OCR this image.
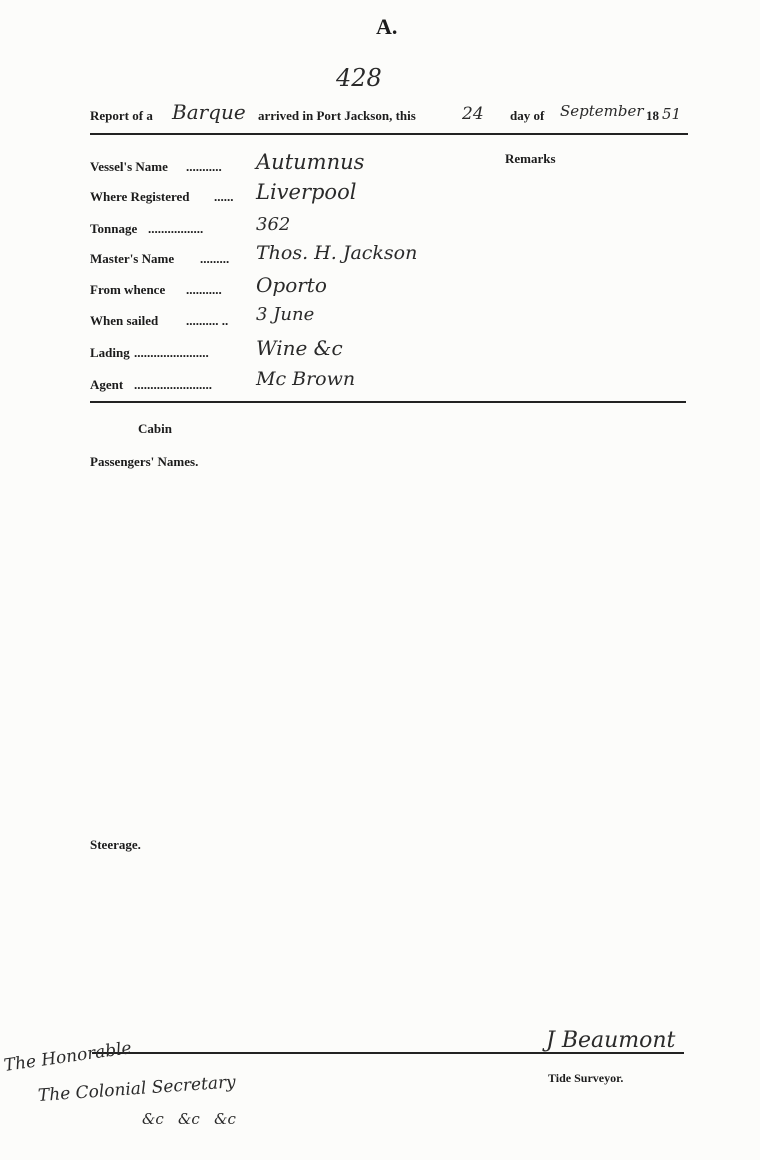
A.
428
Report of a Barque arrived in Port Jackson, this	24 day of September 18 51
Remarks
Vessel's Name ........... Autumnus
Where Registered ...... Liverpool
Tonnage .................	362
Master's Name ......... Thos. H. Jackson
From whence ........... Oporto
When sailed .......... .. 3 June
Lading ....................... Wine &c
Agent ........................ Mc Brown
Cabin
Passengers' Names.
Steerage.
The Honorable
The Colonial Secretary
&c   &c   &c
J Beaumont
Tide Surveyor.
